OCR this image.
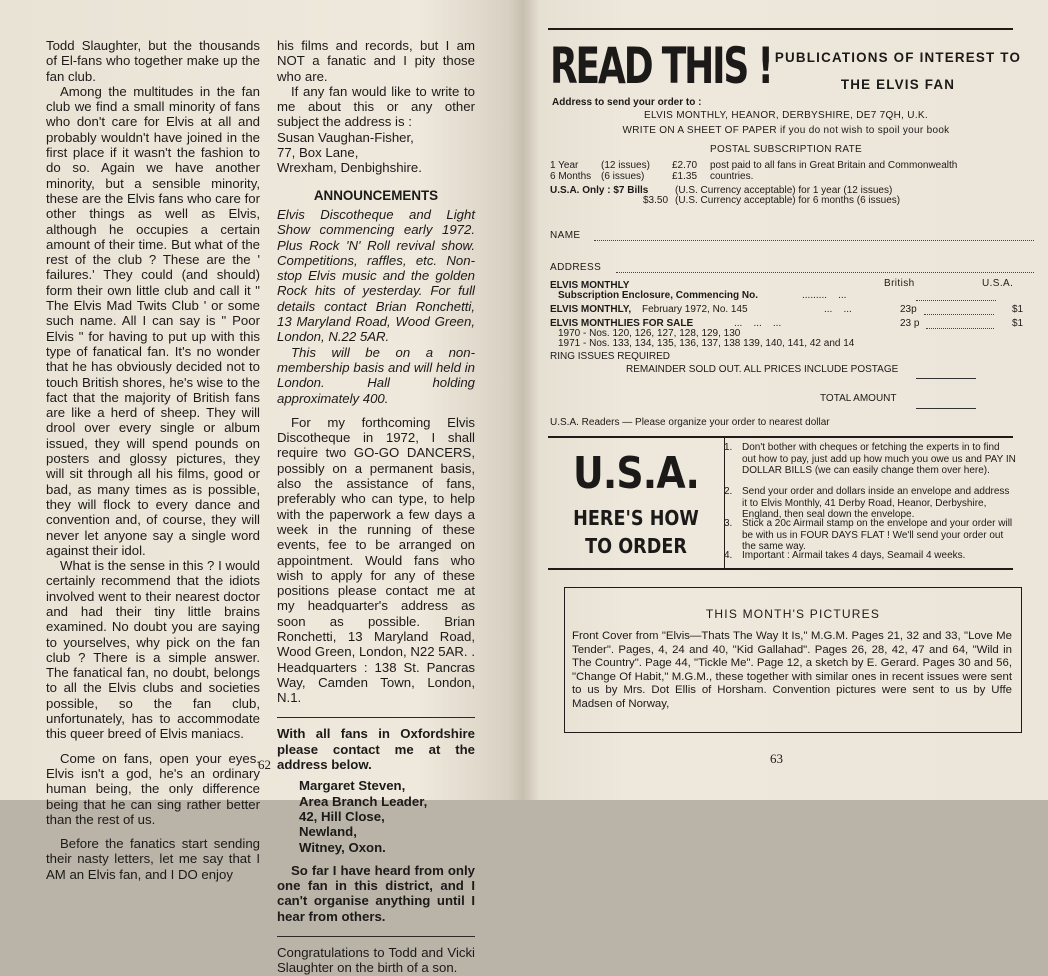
Todd Slaughter, but the thousands of El-fans who together make up the fan club.

Among the multitudes in the fan club we find a small minority of fans who don't care for Elvis at all and probably wouldn't have joined in the first place if it wasn't the fashion to do so. Again we have another minority, but a sensible minority, these are the Elvis fans who care for other things as well as Elvis, although he occupies a certain amount of their time. But what of the rest of the club ? These are the ' failures.' They could (and should) form their own little club and call it " The Elvis Mad Twits Club ' or some such name. All I can say is " Poor Elvis " for having to put up with this type of fanatical fan. It's no wonder that he has obviously decided not to touch British shores, he's wise to the fact that the majority of British fans are like a herd of sheep. They will drool over every single or album issued, they will spend pounds on posters and glossy pictures, they will sit through all his films, good or bad, as many times as is possible, they will flock to every dance and convention and, of course, they will never let anyone say a single word against their idol.

What is the sense in this ? I would certainly recommend that the idiots involved went to their nearest doctor and had their tiny little brains examined. No doubt you are saying to yourselves, why pick on the fan club ? There is a simple answer. The fanatical fan, no doubt, belongs to all the Elvis clubs and societies possible, so the fan club, unfortunately, has to accommodate this queer breed of Elvis maniacs.

Come on fans, open your eyes. Elvis isn't a god, he's an ordinary human being, the only difference being that he can sing rather better than the rest of us.

Before the fanatics start sending their nasty letters, let me say that I AM an Elvis fan, and I DO enjoy

his films and records, but I am NOT a fanatic and I pity those who are.

If any fan would like to write to me about this or any other subject the address is :

Susan Vaughan-Fisher,
77, Box Lane,
Wrexham, Denbighshire.
ANNOUNCEMENTS

Elvis Discotheque and Light Show commencing early 1972. Plus Rock 'N' Roll revival show. Competitions, raffles, etc. Non-stop Elvis music and the golden Rock hits of yesterday. For full details contact Brian Ronchetti, 13 Maryland Road, Wood Green, London, N.22 5AR.

This will be on a non-membership basis and will held in London. Hall holding approximately 400.

For my forthcoming Elvis Discotheque in 1972, I shall require two GO-GO DANCERS, possibly on a permanent basis, also the assistance of fans, preferably who can type, to help with the paperwork a few days a week in the running of these events, fee to be arranged on appointment. Would fans who wish to apply for any of these positions please contact me at my headquarter's address as soon as possible. Brian Ronchetti, 13 Maryland Road, Wood Green, London, N22 5AR. . Headquarters : 138 St. Pancras Way, Camden Town, London, N.1.

With all fans in Oxfordshire please contact me at the address below.

Margaret Steven,
Area Branch Leader,
42, Hill Close,
Newland,
Witney, Oxon.

So far I have heard from only one fan in this district, and I can't organise anything until I hear from others.

Congratulations to Todd and Vicki Slaughter on the birth of a son.

62
READ THIS ! PUBLICATIONS OF INTEREST TO
THE ELVIS FAN
Address to send your order to :
ELVIS MONTHLY, HEANOR, DERBYSHIRE, DE7 7QH, U.K.
WRITE ON A SHEET OF PAPER if you do not wish to spoil your book
POSTAL SUBSCRIPTION RATE
1 Year (12 issues) £2.70 post paid to all fans in Great Britain and Commonwealth
6 Months (6 issues)	£1.35 countries.
U.S.A. Only : $7 Bills	(U.S. Currency acceptable) for 1 year (12 issues)
$3.50 (U.S. Currency acceptable) for 6 months (6 issues)
NAME
ADDRESS
British	U.S.A.
ELVIS MONTHLY
Subscription Enclosure, Commencing No.	.........    ...
ELVIS MONTHLY, February 1972, No. 145	...    ...	23p	$1
ELVIS MONTHLIES FOR SALE	...    ...    ...	23 p	$1
1970 - Nos. 120, 126, 127, 128, 129, 130
1971 - Nos. 133, 134, 135, 136, 137, 138 139, 140, 141, 42 and 14
RING ISSUES REQUIRED
REMAINDER SOLD OUT. ALL PRICES INCLUDE POSTAGE
TOTAL AMOUNT
U.S.A. Readers — Please organize your order to nearest dollar
U.S.A.
HERE'S HOW
TO ORDER
1. Don't bother with cheques or fetching the experts in to find out how to pay, just add up how much you owe us and PAY IN DOLLAR BILLS (we can easily change them over here).
2. Send your order and dollars inside an envelope and address it to Elvis Monthly, 41 Derby Road, Heanor, Derbyshire, England, then seal down the envelope.
3. Stick a 20c Airmail stamp on the envelope and your order will be with us in FOUR DAYS FLAT ! We'll send your order out the same way.
4. Important : Airmail takes 4 days, Seamail 4 weeks.
THIS MONTH'S PICTURES
Front Cover from "Elvis—Thats The Way It Is," M.G.M. Pages 21, 32 and 33, "Love Me Tender". Pages, 4, 24 and 40, "Kid Gallahad". Pages 26, 28, 42, 47 and 64, "Wild in The Country". Page 44, "Tickle Me". Page 12, a sketch by E. Gerard. Pages 30 and 56, "Change Of Habit," M.G.M., these together with similar ones in recent issues were sent to us by Mrs. Dot Ellis of Horsham. Convention pictures were sent to us by Uffe Madsen of Norway,
63
